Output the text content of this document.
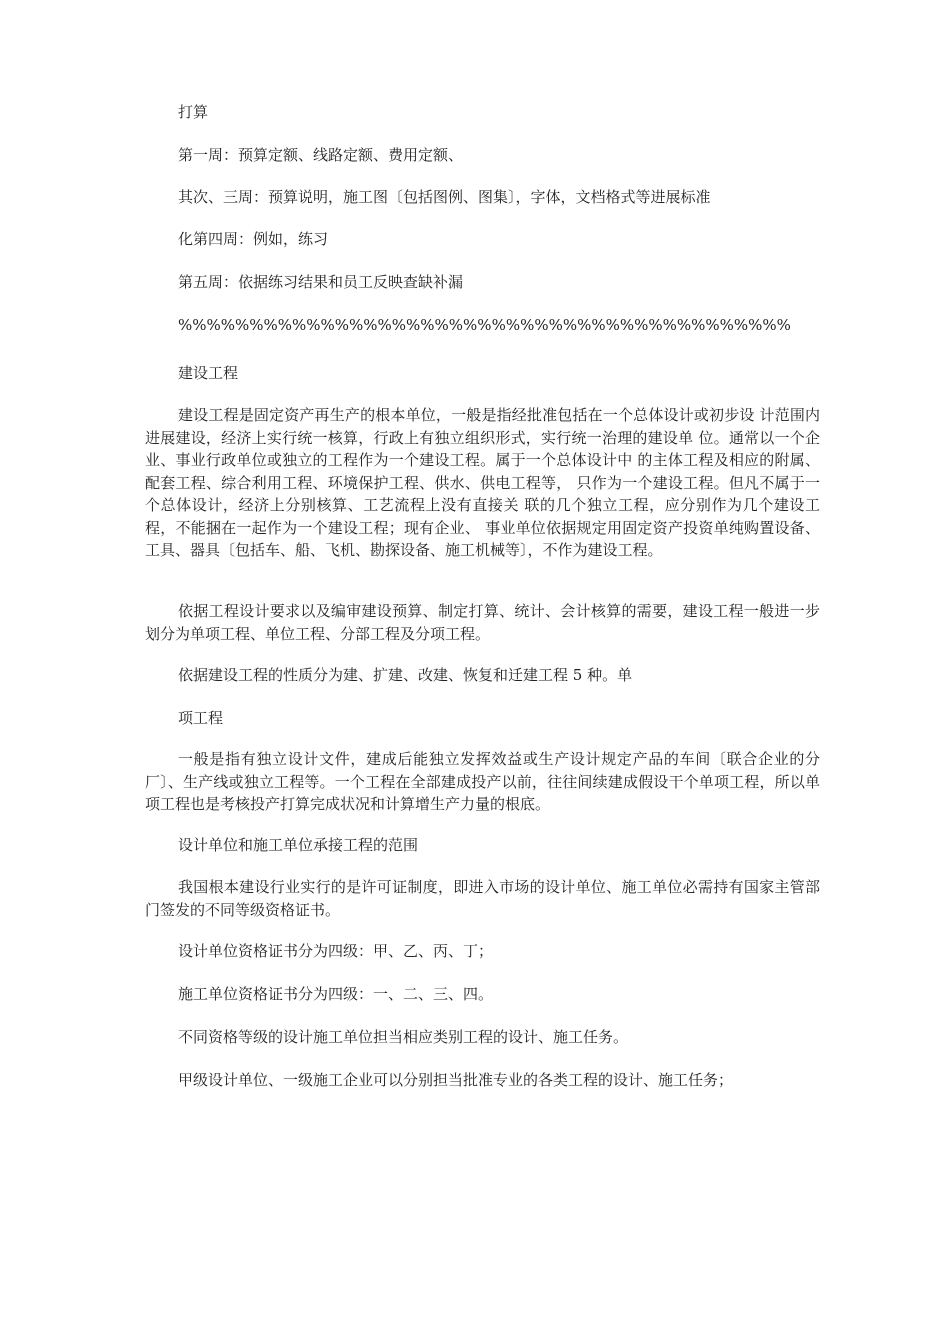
打算

第一周：预算定额、线路定额、费用定额、

其次、三周：预算说明，施工图〔包括图例、图集〕，字体，文档格式等进展标准

化第四周：例如，练习

第五周：依据练习结果和员工反映查缺补漏

%%%%%%%%%%%%%%%%%%%%%%%%%%%%%%%%%%%%%%%%%%%

建设工程

建设工程是固定资产再生产的根本单位，一般是指经批准包括在一个总体设计或初步设 计范围内进展建设，经济上实行统一核算，行政上有独立组织形式，实行统一治理的建设单 位。通常以一个企业、事业行政单位或独立的工程作为一个建设工程。属于一个总体设计中 的主体工程及相应的附属、配套工程、综合利用工程、环境保护工程、供水、供电工程等， 只作为一个建设工程。但凡不属于一个总体设计，经济上分别核算、工艺流程上没有直接关 联的几个独立工程，应分别作为几个建设工程，不能捆在一起作为一个建设工程；现有企业、 事业单位依据规定用固定资产投资单纯购置设备、工具、器具〔包括车、船、飞机、勘探设备、施工机械等〕，不作为建设工程。

依据工程设计要求以及编审建设预算、制定打算、统计、会计核算的需要，建设工程一般进一步划分为单项工程、单位工程、分部工程及分项工程。

依据建设工程的性质分为建、扩建、改建、恢复和迁建工程 5 种。单

项工程

一般是指有独立设计文件，建成后能独立发挥效益或生产设计规定产品的车间〔联合企业的分厂〕、生产线或独立工程等。一个工程在全部建成投产以前，往往间续建成假设干个单项工程，所以单项工程也是考核投产打算完成状况和计算增生产力量的根底。

设计单位和施工单位承接工程的范围

我国根本建设行业实行的是许可证制度，即进入市场的设计单位、施工单位必需持有国家主管部门签发的不同等级资格证书。

设计单位资格证书分为四级：甲、乙、丙、丁；

施工单位资格证书分为四级：一、二、三、四。

不同资格等级的设计施工单位担当相应类别工程的设计、施工任务。

甲级设计单位、一级施工企业可以分别担当批准专业的各类工程的设计、施工任务；
